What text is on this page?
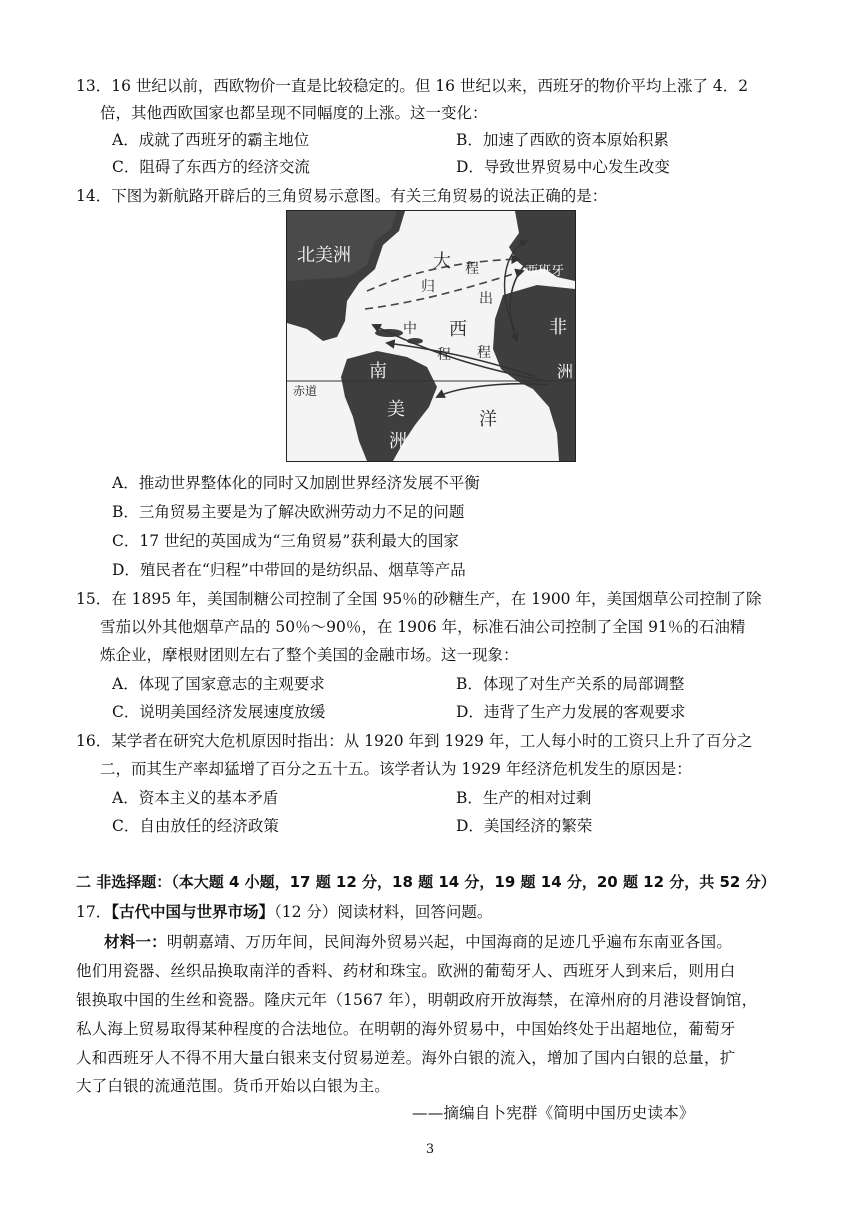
13．16 世纪以前，西欧物价一直是比较稳定的。但 16 世纪以来，西班牙的物价平均上涨了 4．2
倍，其他西欧国家也都呈现不同幅度的上涨。这一变化：
A．成就了西班牙的霸主地位	B．加速了西欧的资本原始积累
C．阻碍了东西方的经济交流	D．导致世界贸易中心发生改变
14．下图为新航路开辟后的三角贸易示意图。有关三角贸易的说法正确的是：
北美洲	大 程
归
西班牙
出
中 西	非
程 程
洲
南
赤道
美
洲
洋
A．推动世界整体化的同时又加剧世界经济发展不平衡
B．三角贸易主要是为了解决欧洲劳动力不足的问题
C．17 世纪的英国成为“三角贸易”获利最大的国家
D．殖民者在“归程”中带回的是纺织品、烟草等产品
15．在 1895 年，美国制糖公司控制了全国 95％的砂糖生产，在 1900 年，美国烟草公司控制了除
雪茄以外其他烟草产品的 50％～90％，在 1906 年，标准石油公司控制了全国 91％的石油精
炼企业，摩根财团则左右了整个美国的金融市场。这一现象：
A．体现了国家意志的主观要求	B．体现了对生产关系的局部调整
C．说明美国经济发展速度放缓	D．违背了生产力发展的客观要求
16．某学者在研究大危机原因时指出：从 1920 年到 1929 年，工人每小时的工资只上升了百分之
二，而其生产率却猛增了百分之五十五。该学者认为 1929 年经济危机发生的原因是：
A．资本主义的基本矛盾	B．生产的相对过剩
C．自由放任的经济政策	D．美国经济的繁荣
二 非选择题：（本大题 4 小题，17 题 12 分，18 题 14 分，19 题 14 分，20 题 12 分，共 52 分）
17．【古代中国与世界市场】（12 分）阅读材料，回答问题。
材料一：明朝嘉靖、万历年间，民间海外贸易兴起，中国海商的足迹几乎遍布东南亚各国。
他们用瓷器、丝织品换取南洋的香料、药材和珠宝。欧洲的葡萄牙人、西班牙人到来后，则用白
银换取中国的生丝和瓷器。隆庆元年（1567 年），明朝政府开放海禁，在漳州府的月港设督饷馆，
私人海上贸易取得某种程度的合法地位。在明朝的海外贸易中，中国始终处于出超地位，葡萄牙
人和西班牙人不得不用大量白银来支付贸易逆差。海外白银的流入，增加了国内白银的总量，扩
大了白银的流通范围。货币开始以白银为主。
——摘编自卜宪群《简明中国历史读本》
3
